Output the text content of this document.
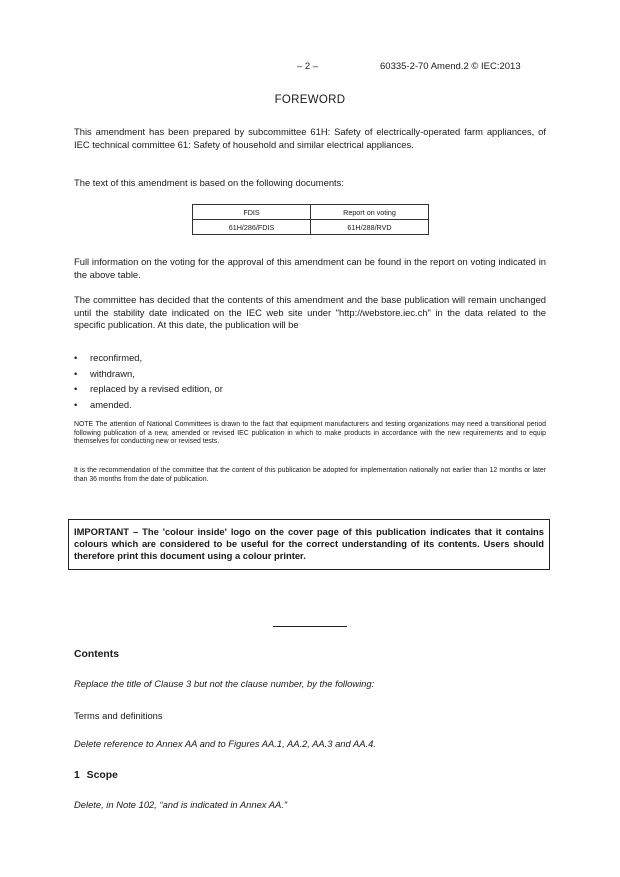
– 2 –	60335-2-70 Amend.2 © IEC:2013
FOREWORD
This amendment has been prepared by subcommittee 61H: Safety of electrically-operated farm appliances, of IEC technical committee 61: Safety of household and similar electrical appliances.
The text of this amendment is based on the following documents:
FDIS	Report on voting
61H/286/FDIS	61H/288/RVD
Full information on the voting for the approval of this amendment can be found in the report on voting indicated in the above table.
The committee has decided that the contents of this amendment and the base publication will remain unchanged until the stability date indicated on the IEC web site under "http://webstore.iec.ch" in the data related to the specific publication. At this date, the publication will be
• reconfirmed,
• withdrawn,
• replaced by a revised edition, or
• amended.
NOTE The attention of National Committees is drawn to the fact that equipment manufacturers and testing organizations may need a transitional period following publication of a new, amended or revised IEC publication in which to make products in accordance with the new requirements and to equip themselves for conducting new or revised tests.
It is the recommendation of the committee that the content of this publication be adopted for implementation nationally not earlier than 12 months or later than 36 months from the date of publication.
IMPORTANT – The 'colour inside' logo on the cover page of this publication indicates that it contains colours which are considered to be useful for the correct understanding of its contents. Users should therefore print this document using a colour printer.
Contents
Replace the title of Clause 3 but not the clause number, by the following:
Terms and definitions
Delete reference to Annex AA and to Figures AA.1, AA.2, AA.3 and AA.4.
1 Scope
Delete, in Note 102, “and is indicated in Annex AA.”
